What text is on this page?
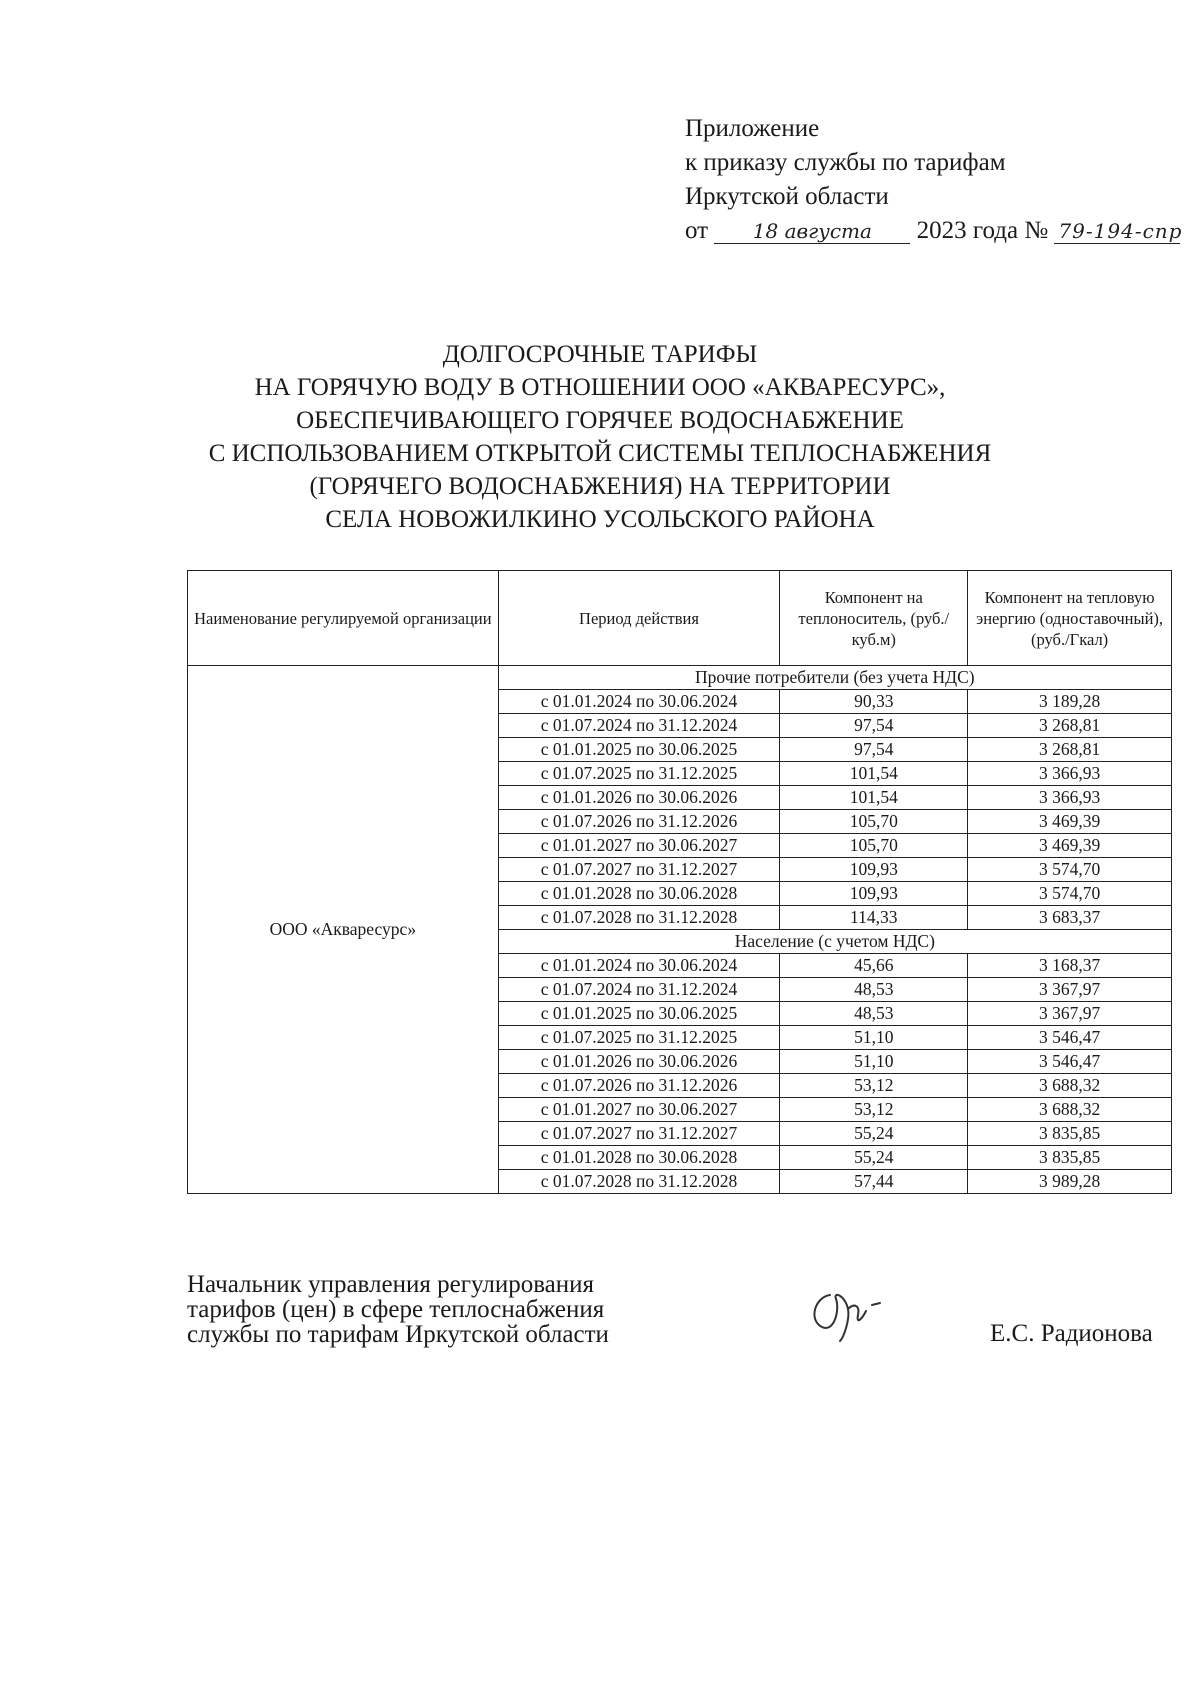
Приложение
к приказу службы по тарифам
Иркутской области
от 18 августа 2023 года № 79-194-спр
ДОЛГОСРОЧНЫЕ ТАРИФЫ
НА ГОРЯЧУЮ ВОДУ В ОТНОШЕНИИ ООО «АКВАРЕСУРС»,
ОБЕСПЕЧИВАЮЩЕГО ГОРЯЧЕЕ ВОДОСНАБЖЕНИЕ
С ИСПОЛЬЗОВАНИЕМ ОТКРЫТОЙ СИСТЕМЫ ТЕПЛОСНАБЖЕНИЯ
(ГОРЯЧЕГО ВОДОСНАБЖЕНИЯ) НА ТЕРРИТОРИИ
СЕЛА НОВОЖИЛКИНО УСОЛЬСКОГО РАЙОНА
Наименование регулируемой организации	Период действия	Компонент на теплоноситель, (руб./куб.м)	Компонент на тепловую энергию (одноставочный), (руб./Гкал)
ООО «Акваресурс»	Прочие потребители (без учета НДС)		
	с 01.01.2024 по 30.06.2024	90,33	3 189,28
	с 01.07.2024 по 31.12.2024	97,54	3 268,81
	с 01.01.2025 по 30.06.2025	97,54	3 268,81
	с 01.07.2025 по 31.12.2025	101,54	3 366,93
	с 01.01.2026 по 30.06.2026	101,54	3 366,93
	с 01.07.2026 по 31.12.2026	105,70	3 469,39
	с 01.01.2027 по 30.06.2027	105,70	3 469,39
	с 01.07.2027 по 31.12.2027	109,93	3 574,70
	с 01.01.2028 по 30.06.2028	109,93	3 574,70
	с 01.07.2028 по 31.12.2028	114,33	3 683,37
	Население (с учетом НДС)		
	с 01.01.2024 по 30.06.2024	45,66	3 168,37
	с 01.07.2024 по 31.12.2024	48,53	3 367,97
	с 01.01.2025 по 30.06.2025	48,53	3 367,97
	с 01.07.2025 по 31.12.2025	51,10	3 546,47
	с 01.01.2026 по 30.06.2026	51,10	3 546,47
	с 01.07.2026 по 31.12.2026	53,12	3 688,32
	с 01.01.2027 по 30.06.2027	53,12	3 688,32
	с 01.07.2027 по 31.12.2027	55,24	3 835,85
	с 01.01.2028 по 30.06.2028	55,24	3 835,85
	с 01.07.2028 по 31.12.2028	57,44	3 989,28
Начальник управления регулирования
тарифов (цен) в сфере теплоснабжения
службы по тарифам Иркутской области	Е.С. Радионова
